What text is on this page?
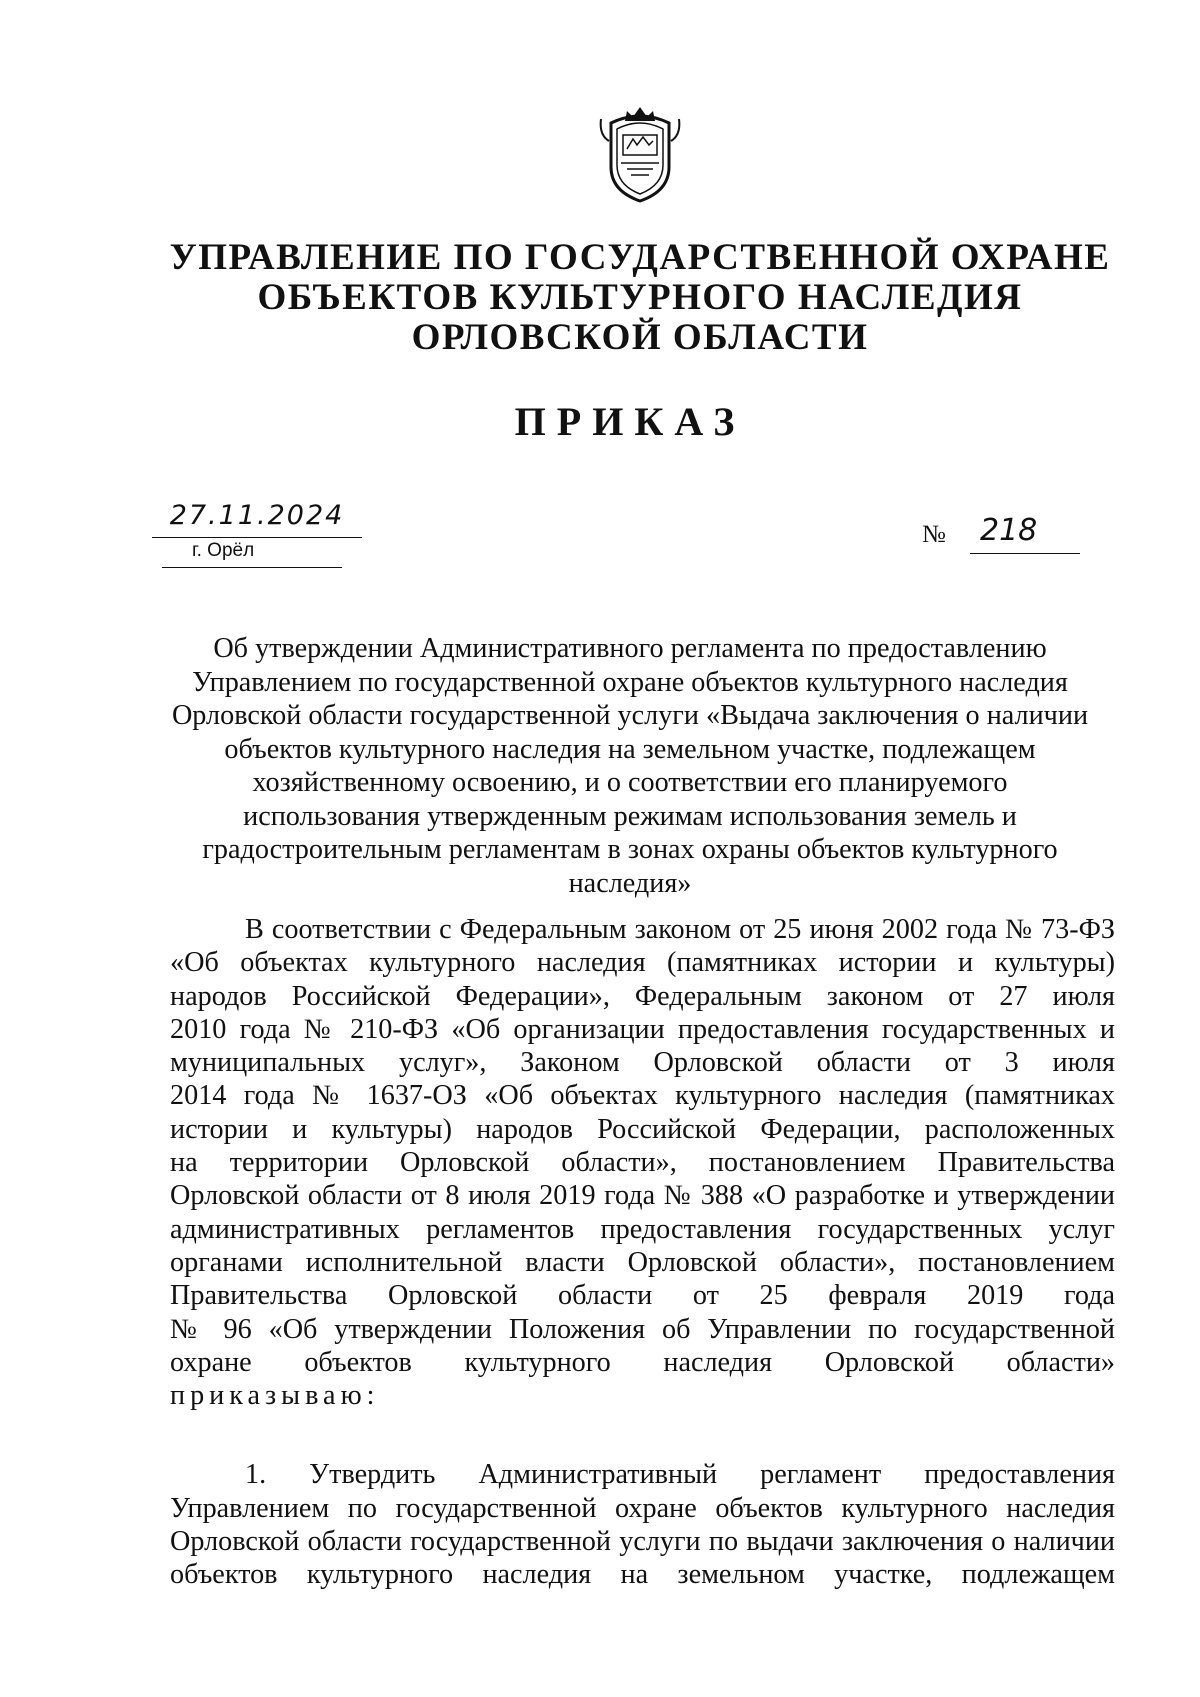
УПРАВЛЕНИЕ ПО ГОСУДАРСТВЕННОЙ ОХРАНЕ
ОБЪЕКТОВ КУЛЬТУРНОГО НАСЛЕДИЯ
ОРЛОВСКОЙ ОБЛАСТИ
ПРИКАЗ
27.11.2024
г. Орёл
№ 218
Об утверждении Административного регламента по предоставлению
Управлением по государственной охране объектов культурного наследия
Орловской области государственной услуги «Выдача заключения о наличии
объектов культурного наследия на земельном участке, подлежащем
хозяйственному освоению, и о соответствии его планируемого
использования утвержденным режимам использования земель и
градостроительным регламентам в зонах охраны объектов культурного
наследия»
В соответствии с Федеральным законом от 25 июня 2002 года № 73-ФЗ
«Об объектах культурного наследия (памятниках истории и культуры)
народов Российской Федерации», Федеральным законом от 27 июля
2010 года № 210-ФЗ «Об организации предоставления государственных и
муниципальных услуг», Законом Орловской области от 3 июля
2014 года № 1637-ОЗ «Об объектах культурного наследия (памятниках
истории и культуры) народов Российской Федерации, расположенных
на территории Орловской области», постановлением Правительства
Орловской области от 8 июля 2019 года № 388 «О разработке и утверждении
административных регламентов предоставления государственных услуг
органами исполнительной власти Орловской области», постановлением
Правительства Орловской области от 25 февраля 2019 года
№ 96 «Об утверждении Положения об Управлении по государственной
охране объектов культурного наследия Орловской области»
приказываю:
1. Утвердить Административный регламент предоставления
Управлением по государственной охране объектов культурного наследия
Орловской области государственной услуги по выдачи заключения о наличии
объектов культурного наследия на земельном участке, подлежащем
